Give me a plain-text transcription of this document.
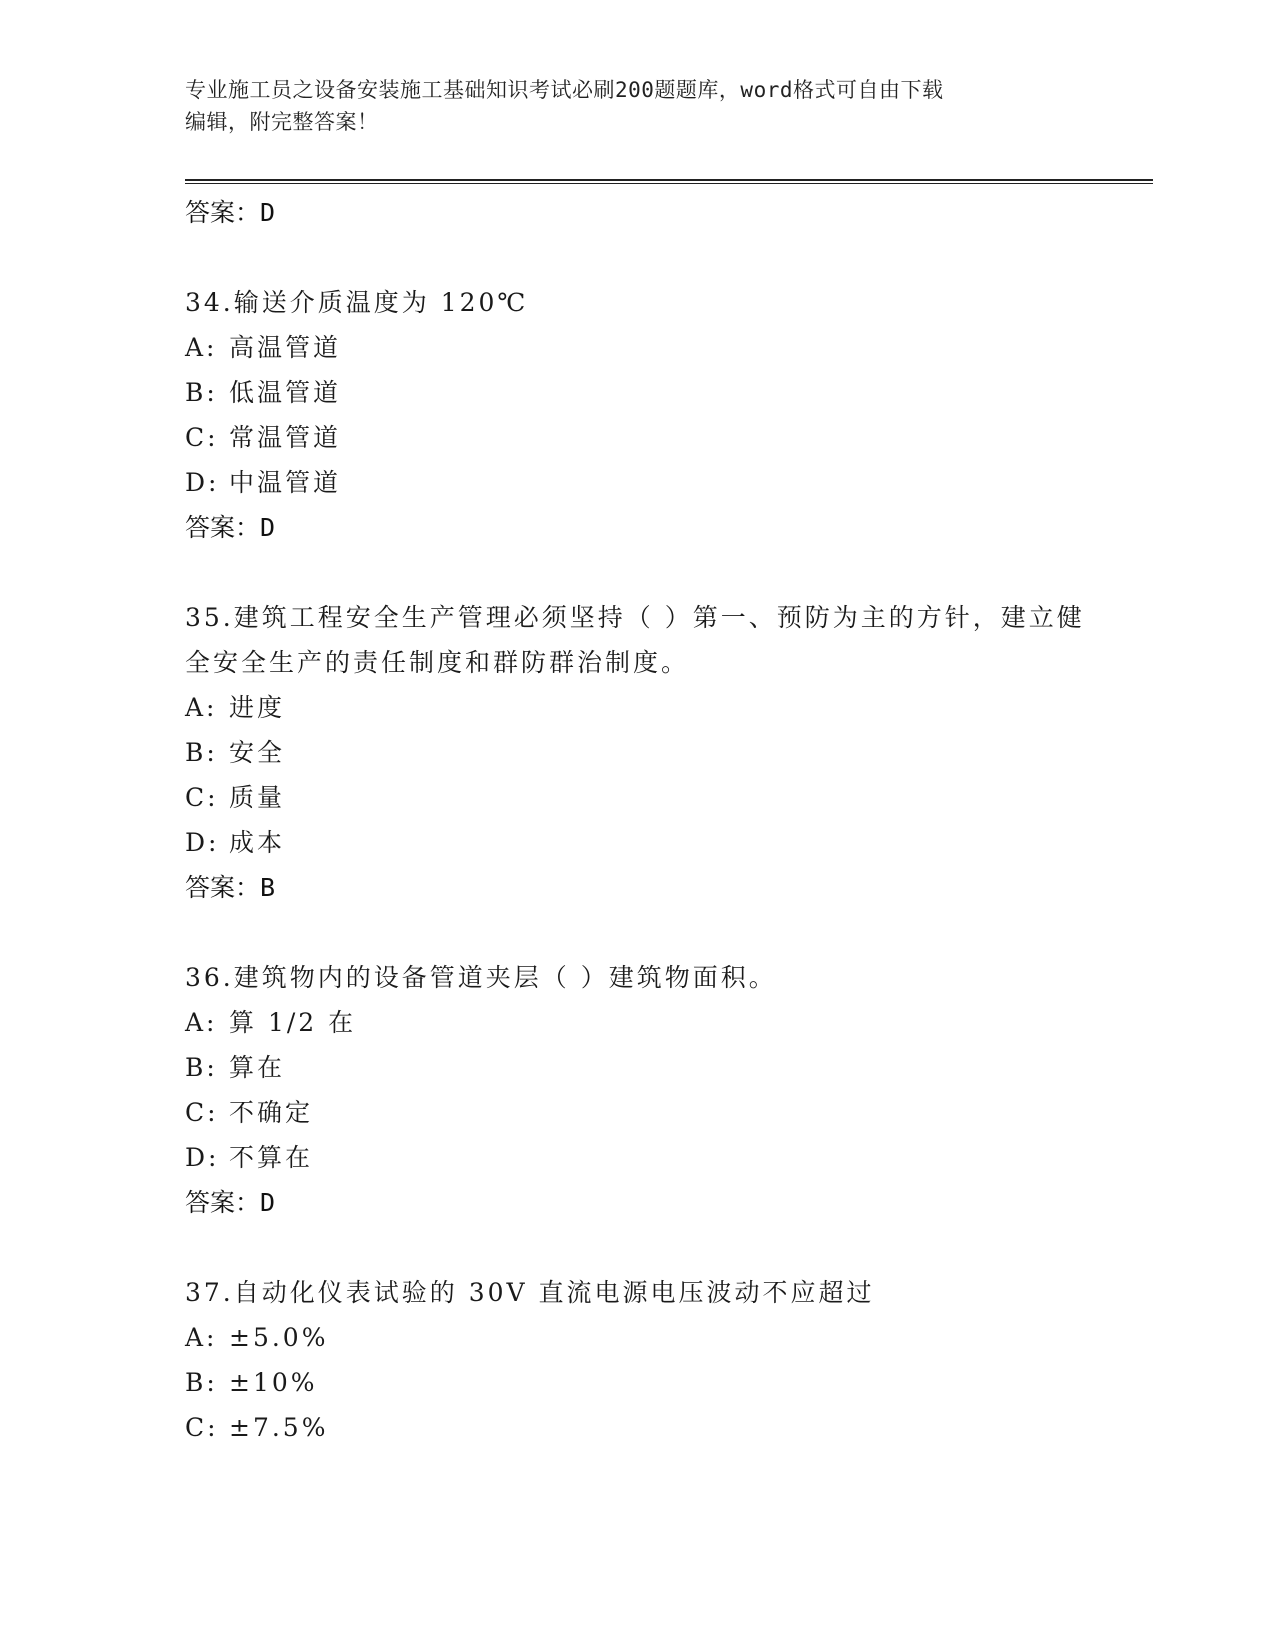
专业施工员之设备安装施工基础知识考试必刷200题题库，word格式可自由下载
编辑，附完整答案！
答案：D
34.输送介质温度为 120℃
A: 高温管道
B: 低温管道
C: 常温管道
D: 中温管道
答案：D
35.建筑工程安全生产管理必须坚持（ ）第一、预防为主的方针，建立健全安全生产的责任制度和群防群治制度。
A: 进度
B: 安全
C: 质量
D: 成本
答案：B
36.建筑物内的设备管道夹层（ ）建筑物面积。
A: 算 1/2 在
B: 算在
C: 不确定
D: 不算在
答案：D
37.自动化仪表试验的 30V 直流电源电压波动不应超过
A: ±5.0%
B: ±10%
C: ±7.5%
